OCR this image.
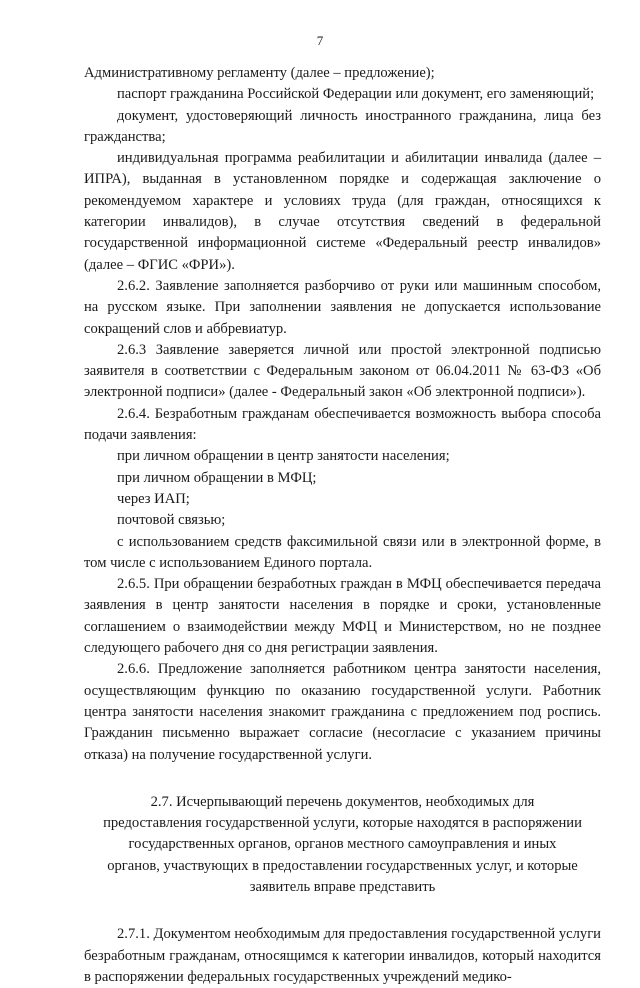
7

Административному регламенту (далее – предложение);

паспорт гражданина Российской Федерации или документ, его заменяющий;

документ, удостоверяющий личность иностранного гражданина, лица без гражданства;

индивидуальная программа реабилитации и абилитации инвалида (далее – ИПРА), выданная в установленном порядке и содержащая заключение о рекомендуемом характере и условиях труда (для граждан, относящихся к категории инвалидов), в случае отсутствия сведений в федеральной государственной информационной системе «Федеральный реестр инвалидов» (далее – ФГИС «ФРИ»).

2.6.2. Заявление заполняется разборчиво от руки или машинным способом, на русском языке. При заполнении заявления не допускается использование сокращений слов и аббревиатур.

2.6.3 Заявление заверяется личной или простой электронной подписью заявителя в соответствии с Федеральным законом от 06.04.2011 № 63-ФЗ «Об электронной подписи» (далее - Федеральный закон «Об электронной подписи»).

2.6.4. Безработным гражданам обеспечивается возможность выбора способа подачи заявления:

при личном обращении в центр занятости населения;

при личном обращении в МФЦ;

через ИАП;

почтовой связью;

с использованием средств факсимильной связи или в электронной форме, в том числе с использованием Единого портала.

2.6.5. При обращении безработных граждан в МФЦ обеспечивается передача заявления в центр занятости населения в порядке и сроки, установленные соглашением о взаимодействии между МФЦ и Министерством, но не позднее следующего рабочего дня со дня регистрации заявления.

2.6.6. Предложение заполняется работником центра занятости населения, осуществляющим функцию по оказанию государственной услуги. Работник центра занятости населения знакомит гражданина с предложением под роспись. Гражданин письменно выражает согласие (несогласие с указанием причины отказа) на получение государственной услуги.

2.7. Исчерпывающий перечень документов, необходимых для предоставления государственной услуги, которые находятся в распоряжении государственных органов, органов местного самоуправления и иных органов, участвующих в предоставлении государственных услуг, и которые заявитель вправе представить

2.7.1. Документом необходимым для предоставления государственной услуги безработным гражданам, относящимся к категории инвалидов, который находится в распоряжении федеральных государственных учреждений медико-
